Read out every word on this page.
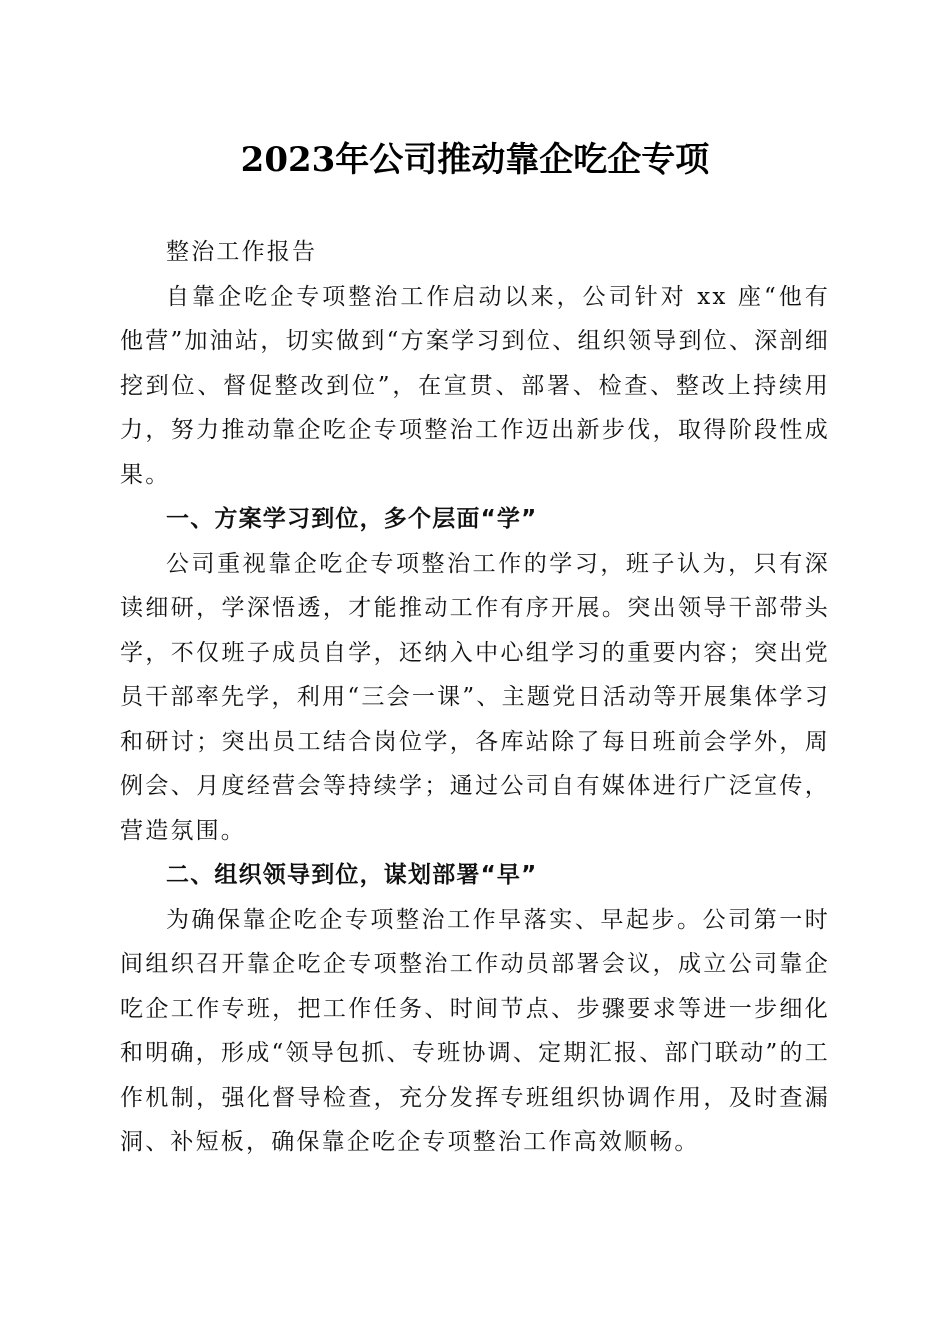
2023年公司推动靠企吃企专项

整治工作报告

自靠企吃企专项整治工作启动以来，公司针对 xx 座“他有他营”加油站，切实做到“方案学习到位、组织领导到位、深剖细挖到位、督促整改到位”，在宣贯、部署、检查、整改上持续用力，努力推动靠企吃企专项整治工作迈出新步伐，取得阶段性成果。

一、方案学习到位，多个层面“学”

公司重视靠企吃企专项整治工作的学习，班子认为，只有深读细研，学深悟透，才能推动工作有序开展。突出领导干部带头学，不仅班子成员自学，还纳入中心组学习的重要内容；突出党员干部率先学，利用“三会一课”、主题党日活动等开展集体学习和研讨；突出员工结合岗位学，各库站除了每日班前会学外，周例会、月度经营会等持续学；通过公司自有媒体进行广泛宣传，营造氛围。

二、组织领导到位，谋划部署“早”

为确保靠企吃企专项整治工作早落实、早起步。公司第一时间组织召开靠企吃企专项整治工作动员部署会议，成立公司靠企吃企工作专班，把工作任务、时间节点、步骤要求等进一步细化和明确，形成“领导包抓、专班协调、定期汇报、部门联动”的工作机制，强化督导检查，充分发挥专班组织协调作用，及时查漏洞、补短板，确保靠企吃企专项整治工作高效顺畅。
